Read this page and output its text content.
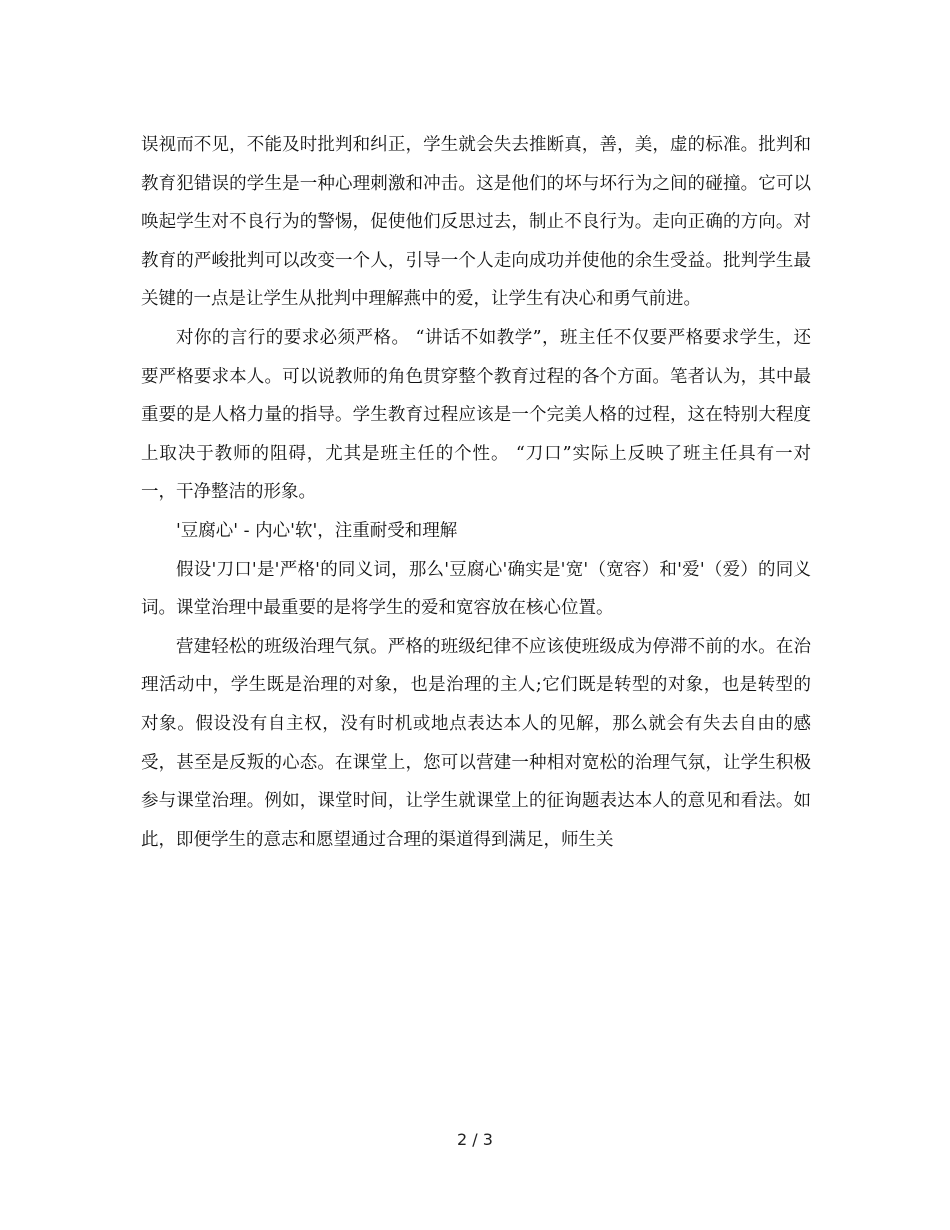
误视而不见，不能及时批判和纠正，学生就会失去推断真，善，美，虚的标准。批判和教育犯错误的学生是一种心理刺激和冲击。这是他们的坏与坏行为之间的碰撞。它可以唤起学生对不良行为的警惕，促使他们反思过去，制止不良行为。走向正确的方向。对教育的严峻批判可以改变一个人，引导一个人走向成功并使他的余生受益。批判学生最关键的一点是让学生从批判中理解燕中的爱，让学生有决心和勇气前进。

对你的言行的要求必须严格。 “讲话不如教学”，班主任不仅要严格要求学生，还要严格要求本人。可以说教师的角色贯穿整个教育过程的各个方面。笔者认为，其中最重要的是人格力量的指导。学生教育过程应该是一个完美人格的过程，这在特别大程度上取决于教师的阻碍，尤其是班主任的个性。 “刀口”实际上反映了班主任具有一对一，干净整洁的形象。

'豆腐心' - 内心'软'，注重耐受和理解

假设'刀口'是'严格'的同义词，那么'豆腐心'确实是'宽'（宽容）和'爱'（爱）的同义词。课堂治理中最重要的是将学生的爱和宽容放在核心位置。

营建轻松的班级治理气氛。严格的班级纪律不应该使班级成为停滞不前的水。在治理活动中，学生既是治理的对象，也是治理的主人;它们既是转型的对象，也是转型的对象。假设没有自主权，没有时机或地点表达本人的见解，那么就会有失去自由的感受，甚至是反叛的心态。在课堂上，您可以营建一种相对宽松的治理气氛，让学生积极参与课堂治理。例如，课堂时间，让学生就课堂上的征询题表达本人的意见和看法。如此，即便学生的意志和愿望通过合理的渠道得到满足，师生关

2 / 3
